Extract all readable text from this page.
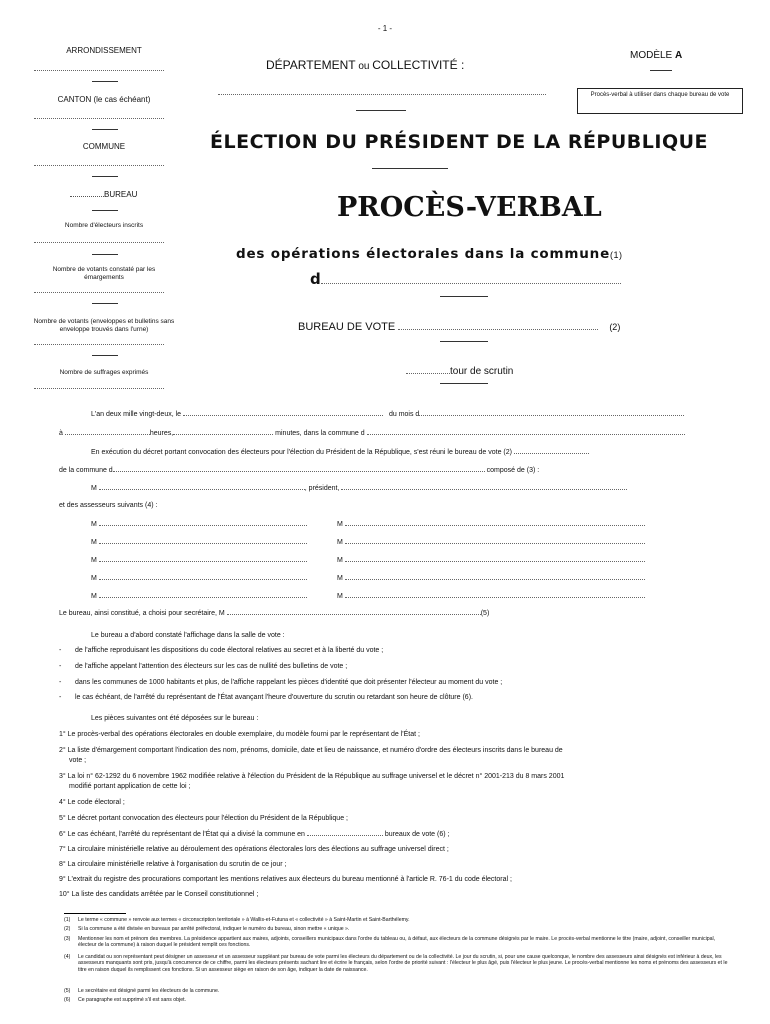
- 1 -
ARRONDISSEMENT
CANTON (le cas échéant)
COMMUNE
BUREAU
Nombre d'électeurs inscrits
Nombre de votants constaté par les émargements
Nombre de votants (enveloppes et bulletins sans enveloppe trouvés dans l'urne)
Nombre de suffrages exprimés
DÉPARTEMENT ou COLLECTIVITÉ :
MODÈLE A
Procès-verbal à utiliser dans chaque bureau de vote
ÉLECTION DU PRÉSIDENT DE LA RÉPUBLIQUE
PROCÈS-VERBAL
des opérations électorales dans la commune(1)
d
BUREAU DE VOTE	(2)
tour de scrutin
L'an deux mille vingt-deux, le	du mois d
à	heures,	minutes, dans la commune d
En exécution du décret portant convocation des électeurs pour l'élection du Président de la République, s'est réuni le bureau de vote (2)
de la commune d	composé de (3) :
M	, président,
et des assesseurs suivants (4) :
M	M
M	M
M	M
M	M
M	M
Le bureau, ainsi constitué, a choisi pour secrétaire, M	(5)
Le bureau a d'abord constaté l'affichage dans la salle de vote :
- de l'affiche reproduisant les dispositions du code électoral relatives au secret et à la liberté du vote ;
- de l'affiche appelant l'attention des électeurs sur les cas de nullité des bulletins de vote ;
- dans les communes de 1000 habitants et plus, de l'affiche rappelant les pièces d'identité que doit présenter l'électeur au moment du vote ;
- le cas échéant, de l'arrêté du représentant de l'État avançant l'heure d'ouverture du scrutin ou retardant son heure de clôture (6).
Les pièces suivantes ont été déposées sur le bureau :
1° Le procès-verbal des opérations électorales en double exemplaire, du modèle fourni par le représentant de l'État ;
2° La liste d'émargement comportant l'indication des nom, prénoms, domicile, date et lieu de naissance, et numéro d'ordre des électeurs inscrits dans le bureau de
vote ;
3° La loi n° 62-1292 du 6 novembre 1962 modifiée relative à l'élection du Président de la République au suffrage universel et le décret n° 2001-213 du 8 mars 2001
modifié portant application de cette loi ;
4° Le code électoral ;
5° Le décret portant convocation des électeurs pour l'élection du Président de la République ;
6° Le cas échéant, l'arrêté du représentant de l'État qui a divisé la commune en	bureaux de vote (6) ;
7° La circulaire ministérielle relative au déroulement des opérations électorales lors des élections au suffrage universel direct ;
8° La circulaire ministérielle relative à l'organisation du scrutin de ce jour ;
9° L'extrait du registre des procurations comportant les mentions relatives aux électeurs du bureau mentionné à l'article R. 76-1 du code électoral ;
10° La liste des candidats arrêtée par le Conseil constitutionnel ;
(1)	Le terme « commune » renvoie aux termes « circonscription territoriale » à Wallis-et-Futuna et « collectivité » à Saint-Martin et Saint-Barthélemy.
(2)	Si la commune a été divisée en bureaux par arrêté préfectoral, indiquer le numéro du bureau, sinon mettre « unique ».
(3)	Mentionner les nom et prénom des membres. La présidence appartient aux maires, adjoints, conseillers municipaux dans l'ordre du tableau ou, à défaut, aux électeurs de la commune désignés par le maire. Le procès-verbal mentionne le titre (maire, adjoint, conseiller municipal, électeur de la commune) à raison duquel le président remplit ces fonctions.
(4)	Le candidat ou son représentant peut désigner un assesseur et un assesseur suppléant par bureau de vote parmi les électeurs du département ou de la collectivité. Le jour du scrutin, si, pour une cause quelconque, le nombre des assesseurs ainsi désignés est inférieur à deux, les assesseurs manquants sont pris, jusqu'à concurrence de ce chiffre, parmi les électeurs présents sachant lire et écrire le français, selon l'ordre de priorité suivant : l'électeur le plus âgé, puis l'électeur le plus jeune. Le procès-verbal mentionne les noms et prénoms des assesseurs et le titre en raison duquel ils remplissent ces fonctions. Si un assesseur siège en raison de son âge, indiquer la date de naissance.
(5)	Le secrétaire est désigné parmi les électeurs de la commune.
(6)	Ce paragraphe est supprimé s'il est sans objet.
